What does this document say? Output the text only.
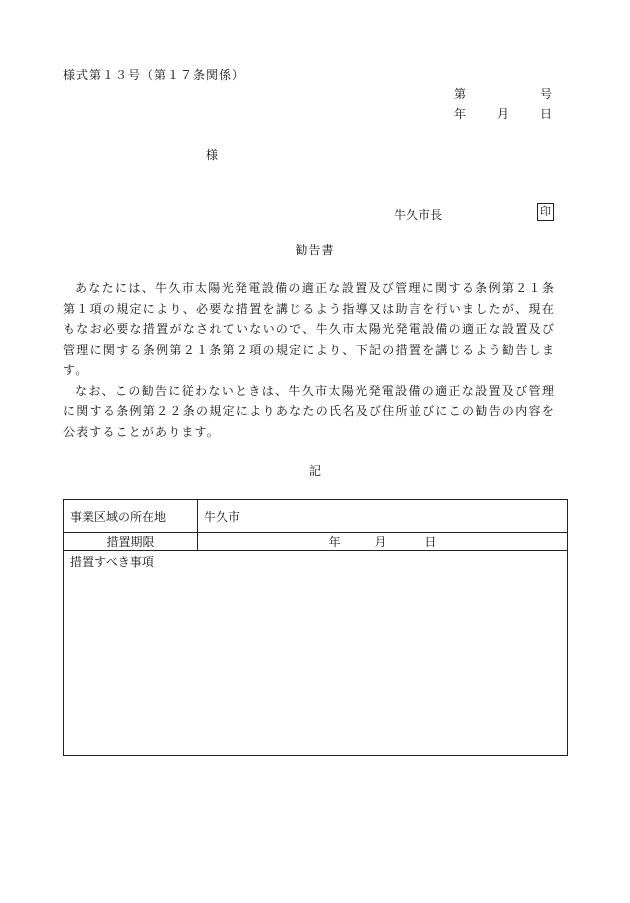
様式第１３号（第１７条関係）
第	号
年	月	日
様
牛久市長	印
勧告書

あなたには、牛久市太陽光発電設備の適正な設置及び管理に関する条例第２１条第１項の規定により、必要な措置を講じるよう指導又は助言を行いましたが、現在もなお必要な措置がなされていないので、牛久市太陽光発電設備の適正な設置及び管理に関する条例第２１条第２項の規定により、下記の措置を講じるよう勧告します。

なお、この勧告に従わないときは、牛久市太陽光発電設備の適正な設置及び管理に関する条例第２２条の規定によりあなたの氏名及び住所並びにこの勧告の内容を公表することがあります。

記
事業区域の所在地	牛久市
措置期限	年 月 日
措置すべき事項	
